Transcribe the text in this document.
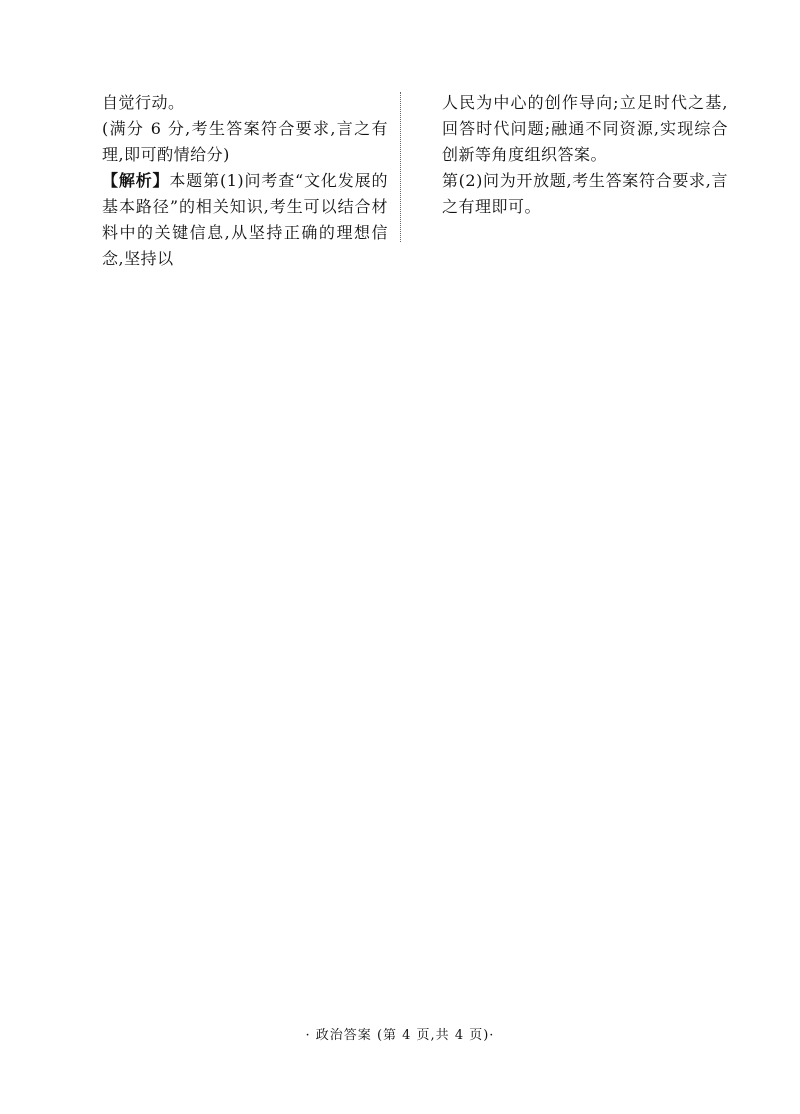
自觉行动。

(满分 6 分,考生答案符合要求,言之有理,即可酌情给分)

【解析】本题第(1)问考查“文化发展的基本路径”的相关知识,考生可以结合材料中的关键信息,从坚持正确的理想信念,坚持以

人民为中心的创作导向;立足时代之基,回答时代问题;融通不同资源,实现综合创新等角度组织答案。

第(2)问为开放题,考生答案符合要求,言之有理即可。

· 政治答案 (第 4 页,共 4 页)·
